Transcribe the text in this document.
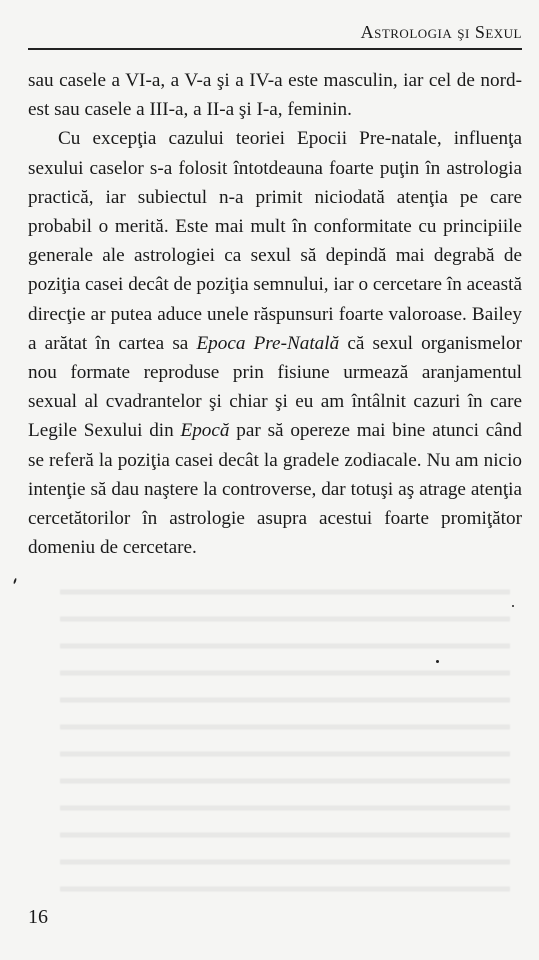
Astrologia şi Sexul

sau casele a VI-a, a V-a şi a IV-a este masculin, iar cel de nord-est sau casele a III-a, a II-a şi I-a, feminin.

Cu excepţia cazului teoriei Epocii Pre-natale, influenţa sexului caselor s-a folosit întotdeauna foarte puţin în astrologia practică, iar subiectul n-a primit niciodată atenţia pe care probabil o merită. Este mai mult în conformitate cu principiile generale ale astrologiei ca sexul să depindă mai degrabă de poziţia casei decât de poziţia semnului, iar o cercetare în această direcţie ar putea aduce unele răspunsuri foarte valoroase. Bailey a arătat în cartea sa Epoca Pre-Natală că sexul organismelor nou formate reproduse prin fisiune urmează aranjamentul sexual al cvadrantelor şi chiar şi eu am întâlnit cazuri în care Legile Sexului din Epocă par să opereze mai bine atunci când se referă la poziţia casei decât la gradele zodiacale. Nu am nicio intenţie să dau naştere la controverse, dar totuşi aş atrage atenţia cercetătorilor în astrologie asupra acestui foarte promiţător domeniu de cercetare.

16
